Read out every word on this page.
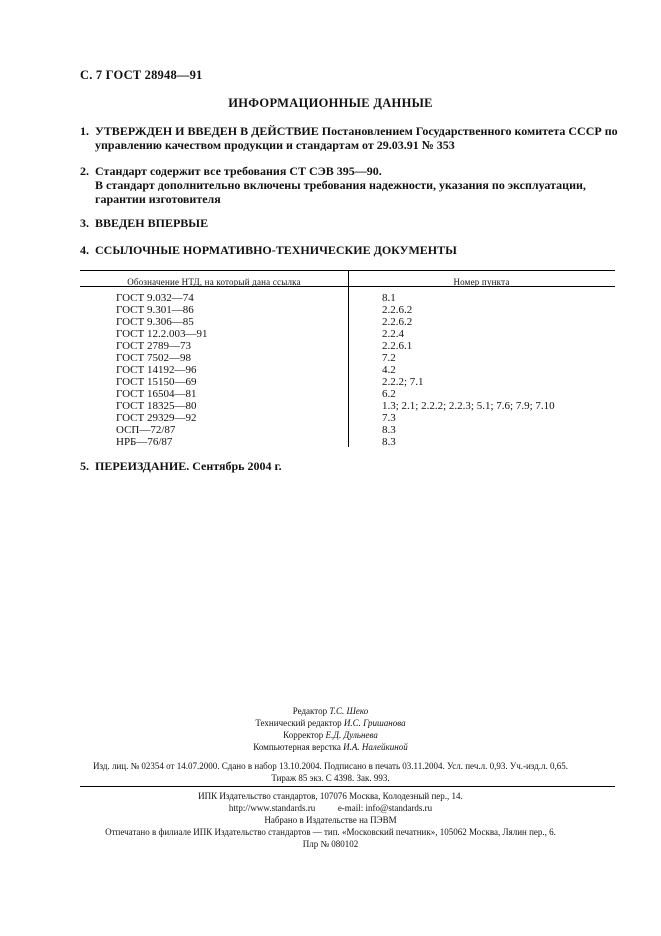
С. 7 ГОСТ 28948—91
ИНФОРМАЦИОННЫЕ ДАННЫЕ
1. УТВЕРЖДЕН И ВВЕДЕН В ДЕЙСТВИЕ Постановлением Государственного комитета СССР по управлению качеством продукции и стандартам от 29.03.91 № 353
2. Стандарт содержит все требования СТ СЭВ 395—90.
В стандарт дополнительно включены требования надежности, указания по эксплуатации, гарантии изготовителя
3. ВВЕДЕН ВПЕРВЫЕ
4. ССЫЛОЧНЫЕ НОРМАТИВНО-ТЕХНИЧЕСКИЕ ДОКУМЕНТЫ
Обозначение НТД, на который дана ссылка	Номер пункта
ГОСТ 9.032—74	8.1
ГОСТ 9.301—86	2.2.6.2
ГОСТ 9.306—85	2.2.6.2
ГОСТ 12.2.003—91	2.2.4
ГОСТ 2789—73	2.2.6.1
ГОСТ 7502—98	7.2
ГОСТ 14192—96	4.2
ГОСТ 15150—69	2.2.2; 7.1
ГОСТ 16504—81	6.2
ГОСТ 18325—80	1.3; 2.1; 2.2.2; 2.2.3; 5.1; 7.6; 7.9; 7.10
ГОСТ 29329—92	7.3
ОСП—72/87	8.3
НРБ—76/87	8.3
5. ПЕРЕИЗДАНИЕ. Сентябрь 2004 г.
Редактор Т.С. Шеко
Технический редактор И.С. Гришанова
Корректор Е.Д. Дульнева
Компьютерная верстка И.А. Налейкиной
Изд. лиц. № 02354 от 14.07.2000. Сдано в набор 13.10.2004. Подписано в печать 03.11.2004. Усл. печ.л. 0,93. Уч.-изд.л. 0,65.
Тираж 85 экз. С 4398. Зак. 993.
ИПК Издательство стандартов, 107076 Москва, Колодезный пер., 14.
http://www.standards.ru	e-mail: info@standards.ru
Набрано в Издательстве на ПЭВМ
Отпечатано в филиале ИПК Издательство стандартов — тип. «Московский печатник», 105062 Москва, Лялин пер., 6.
Плр № 080102
